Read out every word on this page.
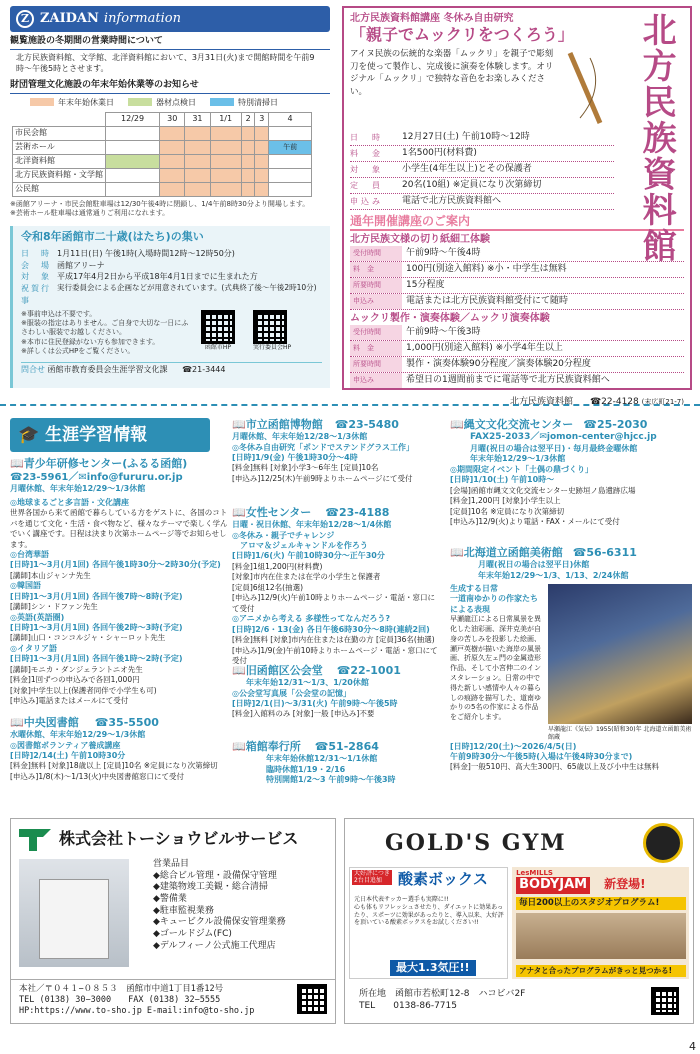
Z ZAIDAN information
観覧施設の冬期間の営業時間について
北方民族資料館、文学館、北洋資料館において、3月31日(火)まで開館時間を午前9時〜午後5時とさせます。
財団管理文化施設の年末年始休業等のお知らせ
年末年始休業日	器材点検日	特別清掃日
	12/29	30	31	1/1	2	3	4
市民会館							
芸術ホール							午前
北洋資料館							
北方民族資料館・文学館							
公民館							
※函館アリーナ・市民会館駐車場は12/30午後4時に閉鎖し、1/4午前8時30分より開場します。
※芸術ホール駐車場は通常通りご利用になれます。
令和8年函館市二十歳(はたち)の集い
日　時 1月11日(日) 午後1時(入場時間12時〜12時50分)
会　場 函館アリーナ
対　象 平成17年4月2日から平成18年4月1日までに生まれた方
祝賀行事
実行委員会による企画などが用意されています。(式典終了後〜午後2時10分)
※事前申込は不要です。
※服装の指定はありません。ご自身で大切な一日にふさわしい服装でお越しください。
※本市に住民登録がない方も参加できます。
※詳しくは公式HPをご覧ください。	函館市HP	実行委員会HP
問合せ 函館市教育委員会生涯学習文化課 ☎21-3444
北方民族資料館
北方民族資料館講座 冬休み自由研究
「親子でムックリをつくろう」
アイヌ民族の伝統的な楽器「ムックリ」を親子で彫刻刀を使って製作し、完成後に演奏を体験します。オリジナル「ムックリ」で独特な音色をお楽しみください。
日　時	12月27日(土) 午前10時〜12時
料　金	1名500円(材料費)
対　象	小学生(4年生以上)とその保護者
定　員	20名(10組) ※定員になり次第締切
申込み	電話で北方民族資料館へ
通年開催講座のご案内
北方民族文様の切り紙細工体験
受付時間	午前9時〜午後4時
料　金	100円(別途入館料) ※小・中学生は無料
所要時間	15分程度
申込み	電話または北方民族資料館受付にて随時
ムックリ製作・演奏体験／ムックリ演奏体験
受付時間	午前9時〜午後3時
料　金	1,000円(別途入館料) ※小学4年生以上
所要時間	製作・演奏体験90分程度／演奏体験20分程度
申込み	希望日の1週間前までに電話等で北方民族資料館へ
北方民族資料館 ☎22-4128 (末広町21-7)
🎓 生涯学習情報
📖青少年研修センター(ふるる函館)
☎23-5961／✉info@fururu.or.jp
月曜休館、年末年始12/29〜1/3休館
◎地球まるごと多言語・文化講座
世界各国から来て函館で暮らしている方をゲストに、各国のコトバを通じて文化・生活・食べ物など、様々なテーマで楽しく学んでいく講座です。日程は決まり次第ホームページ等でお知らせします。
◎台湾華語
[日時]1〜3月(月1回) 各回午後1時30分〜2時30分(予定)
[講師]本山ジャンナ先生
◎韓国語
[日時]1〜3月(月1回) 各回午後7時〜8時(予定)
[講師]シン・ドファン先生
◎英語(英語圏)
[日時]1〜3月(月1回) 各回午後2時〜3時(予定)
[講師]山口・コンコルジャ・シャーロット先生
◎イタリア語
[日時]1〜3月(月1回) 各回午後1時〜2時(予定)
[講師]モニカ・ダンジェラントニオ先生
[料金]1回ずつの申込みで各回1,000円
[対象]中学生以上(保護者同伴で小学生も可)
[申込み]電話またはメールにて受付
📖中央図書館 ☎35-5500
水曜休館、年末年始12/29〜1/3休館
◎図書館ボランティア養成講座
[日時]2/14(土) 午前10時30分
[料金]無料 [対象]18歳以上 [定員]10名 ※定員になり次第締切
[申込み]1/8(木)〜1/13(火)中央図書館窓口にて受付
📖市立函館博物館 ☎23-5480
月曜休館、年末年始12/28〜1/3休館
◎冬休み自由研究「ポンドでステンドグラス工作」
[日時]1/9(金) 午後1時30分〜4時
[料金]無料 [対象]小学3〜6年生 [定員]10名
[申込み]12/25(木)午前9時よりホームページにて受付
📖女性センター ☎23-4188
日曜・祝日休館、年末年始12/28〜1/4休館
◎冬休み・親子でチャレンジ
アロマ＆ジェルキャンドルを作ろう
[日時]1/6(火) 午前10時30分〜正午30分
[料金]1組1,200円(材料費)
[対象]市内在住または在学の小学生と保護者
[定員]6組12名(抽選)
[申込み]12/9(火)午前10時よりホームページ・電話・窓口にて受付
◎アニメから考える 多様性ってなんだろう?
[日時]2/6・13(金) 各日午後6時30分〜8時(連続2回)
[料金]無料 [対象]市内在住または在勤の方 [定員]36名(抽選)
[申込み]1/9(金)午前10時よりホームページ・電話・窓口にて受付
📖旧函館区公会堂 ☎22-1001
年末年始12/31〜1/3、1/20休館
◎公会堂写真展「公会堂の記憶」
[日時]2/1(日)〜3/31(火) 午前9時〜午後5時
[料金]入館料のみ [対象]一般 [申込み]不要
📖箱館奉行所 ☎51-2864
年末年始休館12/31〜1/1休館
臨時休館1/19・2/16
特別開館1/2〜3 午前9時〜午後3時
📖縄文文化交流センター ☎25-2030
FAX25-2033／✉jomon-center@hjcc.jp
月曜(祝日の場合は翌平日)・毎月最終金曜休館
年末年始12/29〜1/3休館
◎期間限定イベント「土偶の鼎づくり」
[日時]1/10(土) 午前10時〜
[会場]函館市縄文文化交流センター史跡垣ノ島遺跡広場
[料金]1,200円 [対象]小学生以上
[定員]10名 ※定員になり次第締切
[申込み]12/9(火)より電話・FAX・メールにて受付
📖北海道立函館美術館 ☎56-6311
月曜(祝日の場合は翌平日)休館
年末年始12/29〜1/3、1/13、2/24休館
生成する日常
一道南ゆかりの作家たちによる表現
早瀬龍江による日常風景を異化した油彩画、深井克美が自身の苦しみを投影した絵画、瀬戸英樹が描いた海岸の風景画、折原久左ェ門の金属造形作品、そして小宮伸二のインスタレーション。日常の中で得た新しい感情や人々の暮らしの痕跡を描写した、道南ゆかりの5名の作家による作品をご紹介します。
早瀬龍江《気伝》1955(昭和30)年 北海道立函館美術館蔵
[日時]12/20(土)〜2026/4/5(日)
午前9時30分〜午後5時(入場は午後4時30分まで)
[料金]一般510円、高大生300円、65歳以上及び小中生は無料
株式会社トーショウビルサービス
営業品目
◆総合ビル管理・設備保守管理
◆建築物竣工美観・総合清掃
◆警備業
◆駐車監視業務
◆キュービクル設備保安管理業務
◆ゴールドジム(FC)
◆デルフィーノ公式施工代理店
本社／〒０４１−０８５３　函館市中道1丁目1番12号
TEL (0138) 30−3000　　FAX (0138) 32−5555
HP:https://www.to-sho.jp E-mail:info@to-sho.jp
GOLD'S GYM
大好評につき2台目追加	酸素ボックス
元日本代表サッカー選手も実際に!!
心も体もリフレッシュさせたり、ダイエットに効果あったり、スポーツに効果があったりと、導入以来、大好評を頂いている酸素ボックスをお試しください!!
最大1.3気圧!!
LesMILLS
BODYJAM 新登場!
毎日200以上のスタジオプログラム!
アナタと合ったプログラムがきっと見つかる!
所在地　 函館市若松町12-8　ハコビバ2F
TEL　　 0138-86-7715
4
